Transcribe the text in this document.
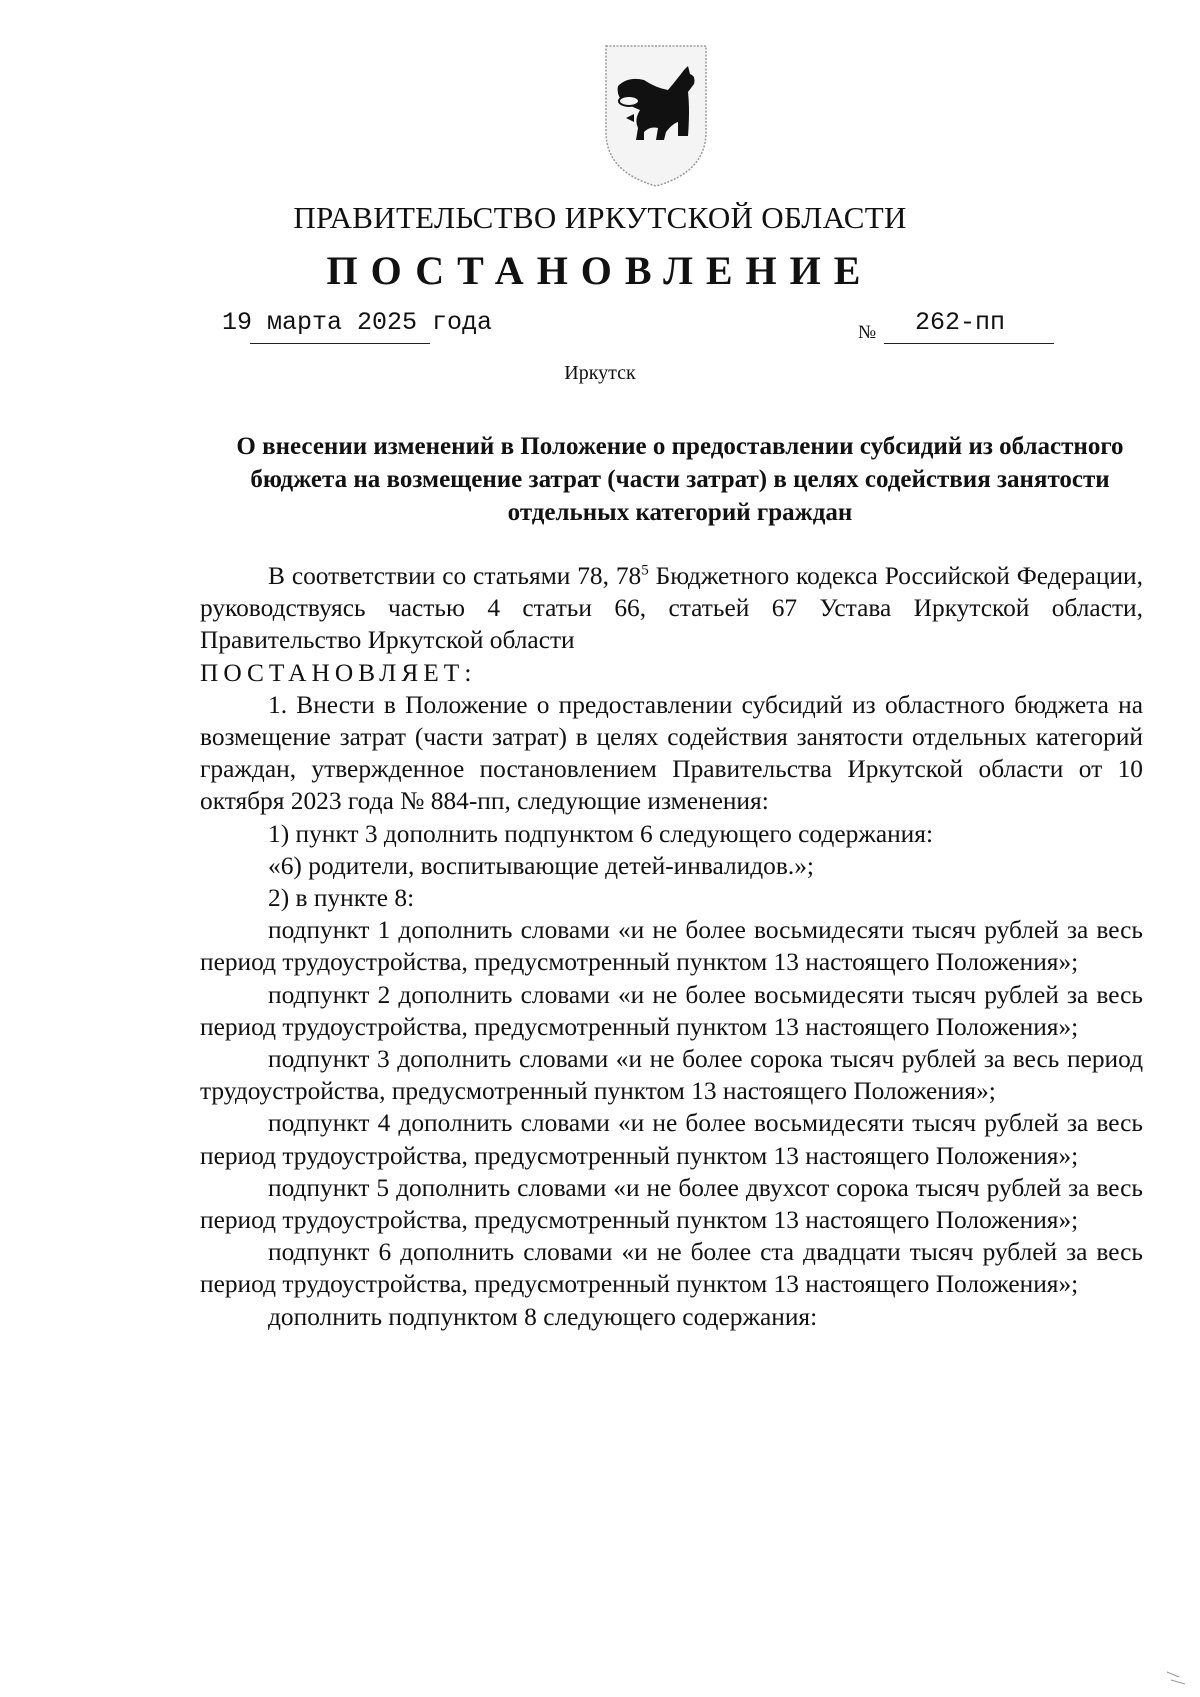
ПРАВИТЕЛЬСТВО ИРКУТСКОЙ ОБЛАСТИ
ПОСТАНОВЛЕНИЕ
19 марта 2025 года	№ 262-пп
Иркутск
О внесении изменений в Положение о предоставлении субсидий из областного бюджета на возмещение затрат (части затрат) в целях содействия занятости отдельных категорий граждан

В соответствии со статьями 78, $78^5$ Бюджетного кодекса Российской Федерации, руководствуясь частью 4 статьи 66, статьей 67 Устава Иркутской области, Правительство Иркутской области

ПОСТАНОВЛЯЕТ:

1. Внести в Положение о предоставлении субсидий из областного бюджета на возмещение затрат (части затрат) в целях содействия занятости отдельных категорий граждан, утвержденное постановлением Правительства Иркутской области от 10 октября 2023 года № 884-пп, следующие изменения:

1) пункт 3 дополнить подпунктом 6 следующего содержания:

«6) родители, воспитывающие детей-инвалидов.»;

2) в пункте 8:

подпункт 1 дополнить словами «и не более восьмидесяти тысяч рублей за весь период трудоустройства, предусмотренный пунктом 13 настоящего Положения»;

подпункт 2 дополнить словами «и не более восьмидесяти тысяч рублей за весь период трудоустройства, предусмотренный пунктом 13 настоящего Положения»;

подпункт 3 дополнить словами «и не более сорока тысяч рублей за весь период трудоустройства, предусмотренный пунктом 13 настоящего Положения»;

подпункт 4 дополнить словами «и не более восьмидесяти тысяч рублей за весь период трудоустройства, предусмотренный пунктом 13 настоящего Положения»;

подпункт 5 дополнить словами «и не более двухсот сорока тысяч рублей за весь период трудоустройства, предусмотренный пунктом 13 настоящего Положения»;

подпункт 6 дополнить словами «и не более ста двадцати тысяч рублей за весь период трудоустройства, предусмотренный пунктом 13 настоящего Положения»;

дополнить подпунктом 8 следующего содержания:
